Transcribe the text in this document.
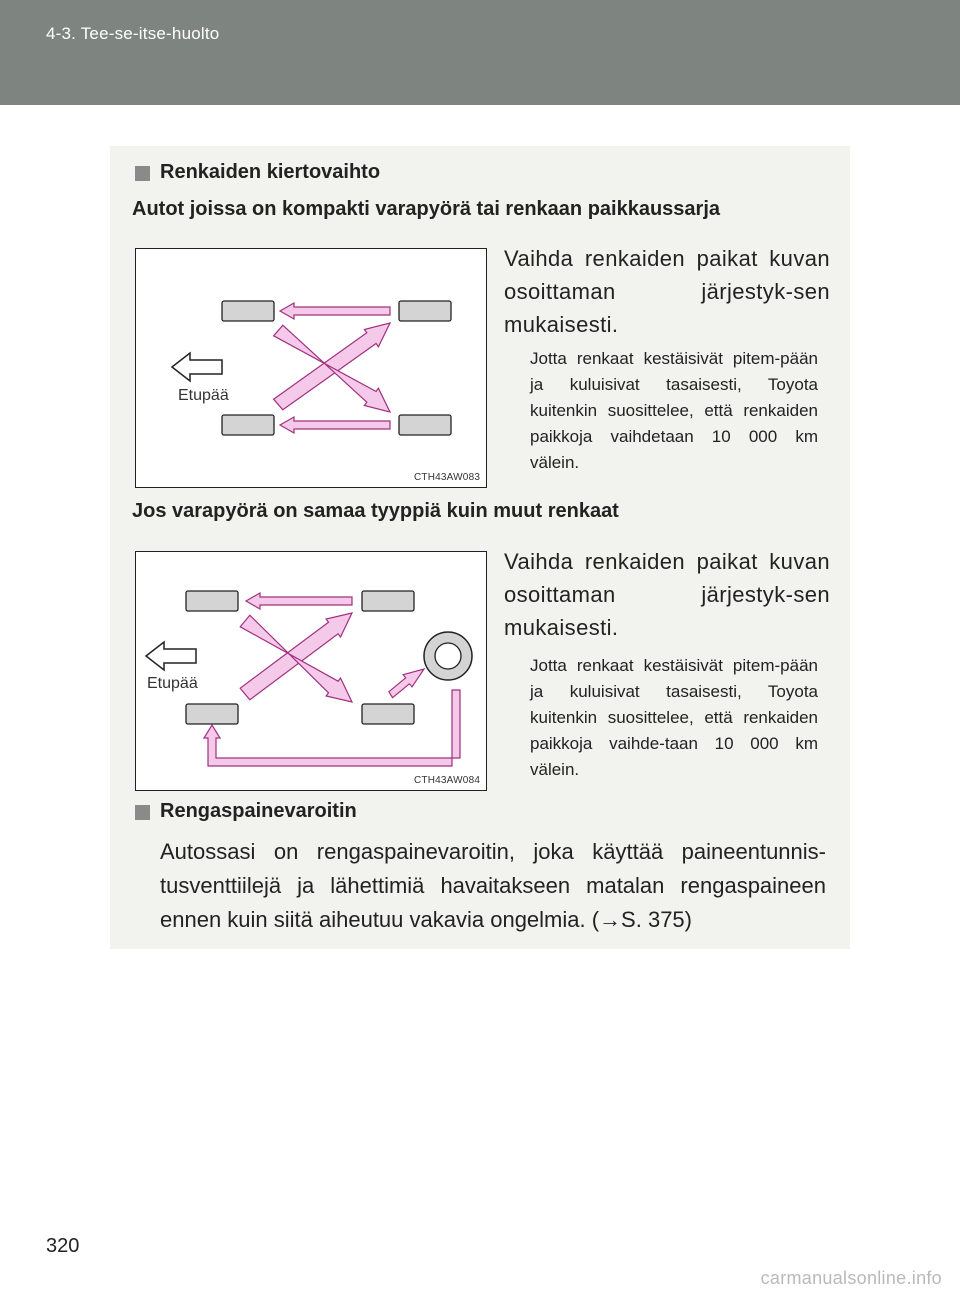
4-3. Tee-se-itse-huolto
Renkaiden kiertovaihto
Autot joissa on kompakti varapyörä tai renkaan paikkaussarja
Etupää
CTH43AW083
Vaihda renkaiden paikat kuvan osoittaman järjestyk-sen mukaisesti.
Jotta renkaat kestäisivät pitem-pään ja kuluisivat tasaisesti, Toyota kuitenkin suosittelee, että renkaiden paikkoja vaihdetaan 10 000 km välein.
Jos varapyörä on samaa tyyppiä kuin muut renkaat
Etupää
CTH43AW084
Vaihda renkaiden paikat kuvan osoittaman järjestyk-sen mukaisesti.
Jotta renkaat kestäisivät pitem-pään ja kuluisivat tasaisesti, Toyota kuitenkin suosittelee, että renkaiden paikkoja vaihde-taan 10 000 km välein.
Rengaspainevaroitin
Autossasi on rengaspainevaroitin, joka käyttää paineentunnis-tusventtiilejä ja lähettimiä havaitakseen matalan rengaspaineen ennen kuin siitä aiheutuu vakavia ongelmia. (→S. 375)
320
carmanualsonline.info
